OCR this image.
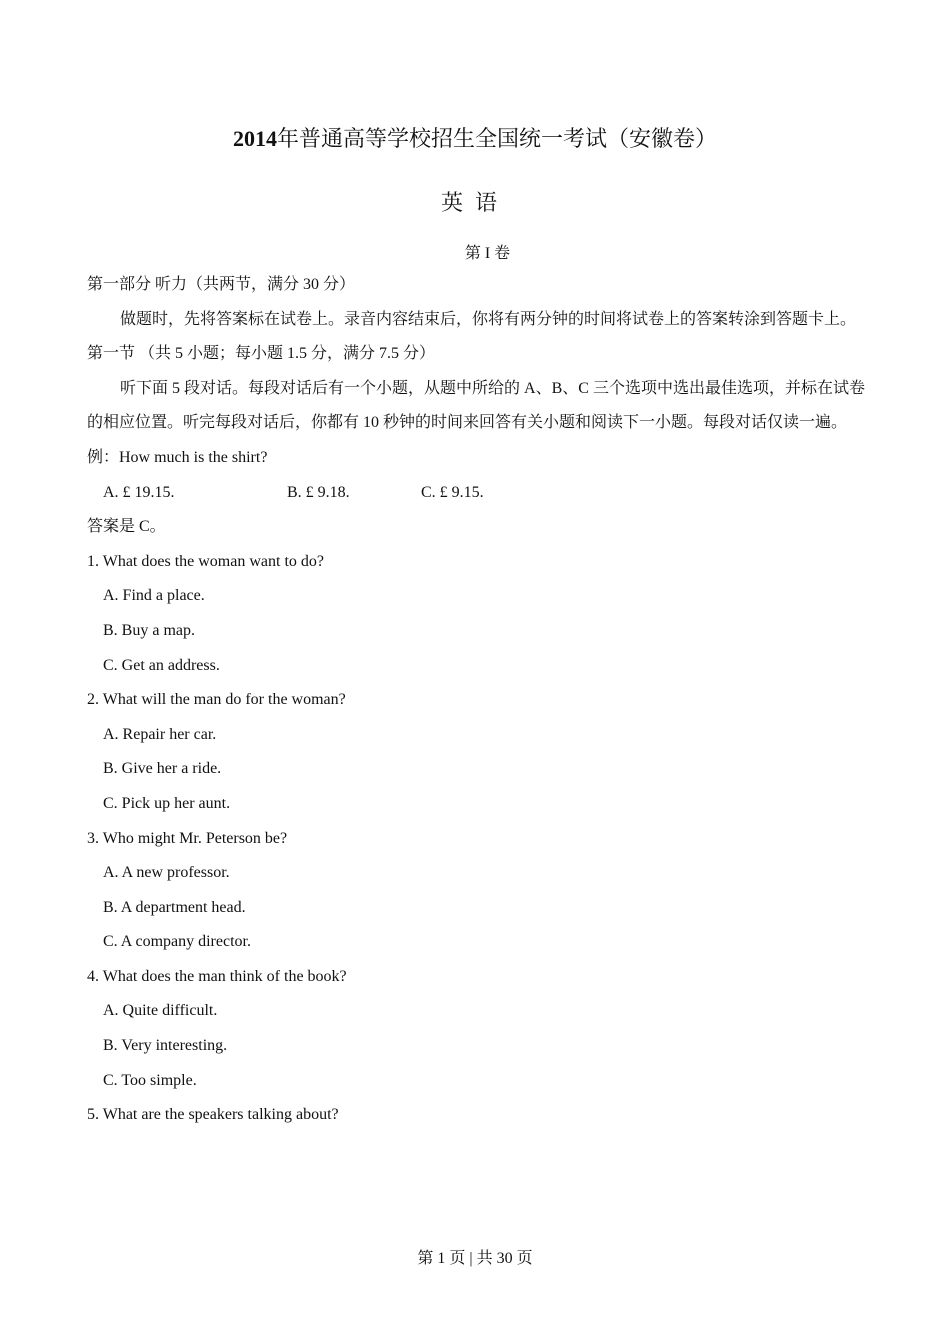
2014年普通高等学校招生全国统一考试（安徽卷）
英语
第 I 卷

第一部分 听力（共两节，满分 30 分）

做题时，先将答案标在试卷上。录音内容结束后，你将有两分钟的时间将试卷上的答案转涂到答题卡上。

第一节 （共 5 小题；每小题 1.5 分，满分 7.5 分）

听下面 5 段对话。每段对话后有一个小题，从题中所给的 A、B、C 三个选项中选出最佳选项，并标在试卷的相应位置。听完每段对话后，你都有 10 秒钟的时间来回答有关小题和阅读下一小题。每段对话仅读一遍。

例：How much is the shirt?

A. £ 19.15.	B. £ 9.18.	C. £ 9.15.

答案是 C。

1. What does the woman want to do?

A. Find a place.

B. Buy a map.

C. Get an address.

2. What will the man do for the woman?

A. Repair her car.

B. Give her a ride.

C. Pick up her aunt.

3. Who might Mr. Peterson be?

A. A new professor.

B. A department head.

C. A company director.

4. What does the man think of the book?

A. Quite difficult.

B. Very interesting.

C. Too simple.

5. What are the speakers talking about?

第 1 页 | 共 30 页
